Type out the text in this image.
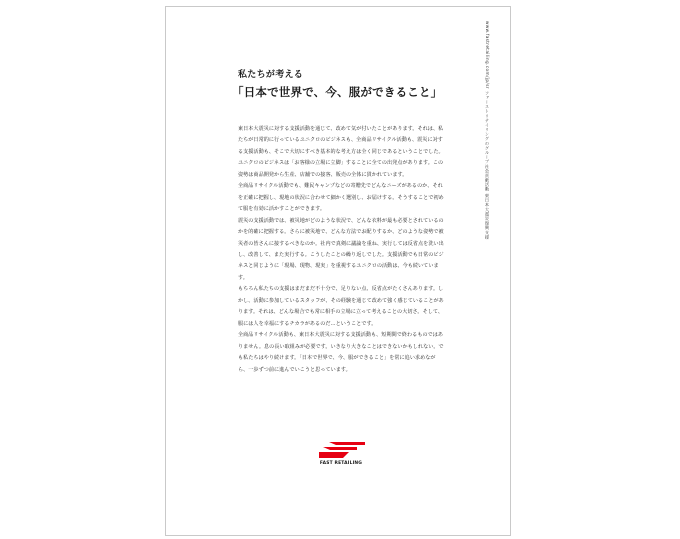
www.fastretailing.com/jp/sr ファーストリテイリングのグループ社会貢献活動 東日本大震災復興支援
私たちが考える
「日本で世界で、今、服ができること」

東日本大震災に対する支援活動を通じて、改めて気が付いたことがあります。それは、私たちが日常的に行っているユニクロのビジネスも、全商品リサイクル活動も、震災に対する支援活動も、そこで大切にすべき基本的な考え方は全く同じであるということでした。

ユニクロのビジネスは「お客様の立場に立脚」することに全ての出発点があります。この姿勢は商品開発から生産、店舗での接客、販売の全体に貫かれています。

全商品リサイクル活動でも、難民キャンプなどの寄贈先でどんなニーズがあるのか、それを正確に把握し、現地の状況に合わせて細かく選別し、お届けする。そうすることで初めて服を有効に活かすことができます。

震災の支援活動では、被災地がどのような状況で、どんな衣料が最も必要とされているのかを的確に把握する。さらに被災地で、どんな方法でお配りするか、どのような姿勢で被災者の皆さんに接するべきなのか。社内で真剣に議論を重ね、実行しては反省点を洗い出し、改善して、また実行する。こうしたことの繰り返しでした。支援活動でも日常のビジネスと同じように「現場、現物、現実」を重視するユニクロの活動は、今も続いています。

もちろん私たちの支援はまだまだ不十分で、足りない点、反省点がたくさんあります。しかし、活動に参加しているスタッフが、その経験を通じて改めて強く感じていることがあります。それは、どんな場合でも常に相手の立場に立って考えることの大切さ。そして、服には人を幸福にするチカラがあるのだ…ということです。

全商品リサイクル活動も、東日本大震災に対する支援活動も、短期間で終わるものではありません。息の長い取組みが必要です。いきなり大きなことはできないかもしれない。でも私たちはやり続けます。「日本で世界で、今、服ができること」を常に追い求めながら、一歩ずつ前に進んでいこうと思っています。

FAST RETAILING
